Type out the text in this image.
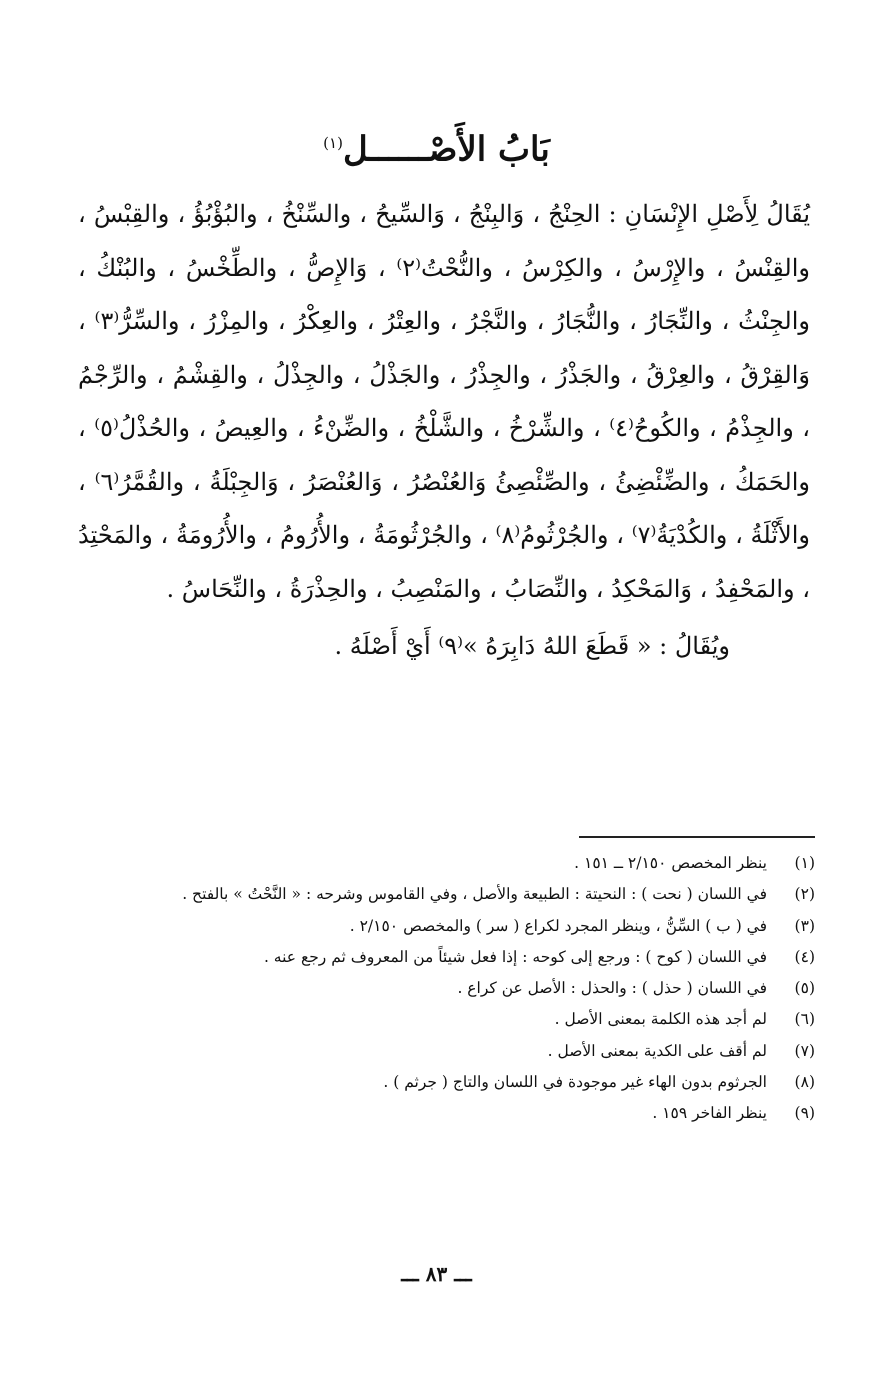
بَابُ الأَصْــــــل$^{(١)}$

يُقَالُ لِأَصْلِ الإِنْسَانِ : الحِنْجُ ، وَالبِنْجُ ، وَالسِّيحُ ، والسِّنْخُ ، والبُؤْبُؤُ ، والقِبْسُ ، والقِنْسُ ، والإِرْسُ ، والكِرْسُ ، والنُّحْتُ⁽٢⁾ ، وَالإِصُّ ، والطِّخْسُ ، والبُنْكُ ، والجِنْثُ ، والنِّجَارُ ، والنُّجَارُ ، والنَّجْرُ ، والعِتْرُ ، والعِكْرُ ، والمِزْرُ ، والسِّرُّ⁽٣⁾ ، وَالقِرْقُ ، والعِرْقُ ، والجَذْرُ ، والجِذْرُ ، والجَذْلُ ، والجِذْلُ ، والقِشْمُ ، والرِّجْمُ ، والجِذْمُ ، والكُوحُ⁽٤⁾ ، والشِّرْخُ ، والشَّلْخُ ، والضِّنْءُ ، والعِيصُ ، والحُذْلُ⁽٥⁾ ، والحَمَكُ ، والضِّئْضِئُ ، والصِّئْصِئُ وَالعُنْصُرُ ، وَالعُنْصَرُ ، وَالجِبْلَةُ ، والقُمَّرُ⁽٦⁾ ، والأَثْلَةُ ، والكُدْيَةُ⁽٧⁾ ، والجُرْثُومُ⁽٨⁾ ، والجُرْثُومَةُ ، والأُرُومُ ، والأُرُومَةُ ، والمَحْتِدُ ، والمَحْفِدُ ، وَالمَحْكِدُ ، والنِّصَابُ ، والمَنْصِبُ ، والحِذْرَةُ ، والنِّحَاسُ .

ويُقَالُ : « قَطَعَ اللهُ دَابِرَهُ »⁽٩⁾ أَيْ أَصْلَهُ .

(١)
ينظر المخصص ٢/١٥٠ ــ ١٥١ .
(٢)
في اللسان ( نحت ) : النحيتة : الطبيعة والأصل ، وفي القاموس وشرحه : « النَّحْتُ » بالفتح .
(٣)
في ( ب ) السِّنُّ ، وينظر المجرد لكراع ( سر ) والمخصص ٢/١٥٠ .
(٤)
في اللسان ( كوح ) : ورجع إلى كوحه : إذا فعل شيئاً من المعروف ثم رجع عنه .
(٥)
في اللسان ( حذل ) : والحذل : الأصل عن كراع .
(٦)
لم أجد هذه الكلمة بمعنى الأصل .
(٧)
لم أقف على الكدية بمعنى الأصل .
(٨)
الجرثوم بدون الهاء غير موجودة في اللسان والتاج ( جرثم ) .
(٩)
ينظر الفاخر ١٥٩ .
ـــ ٨٣ ـــ
